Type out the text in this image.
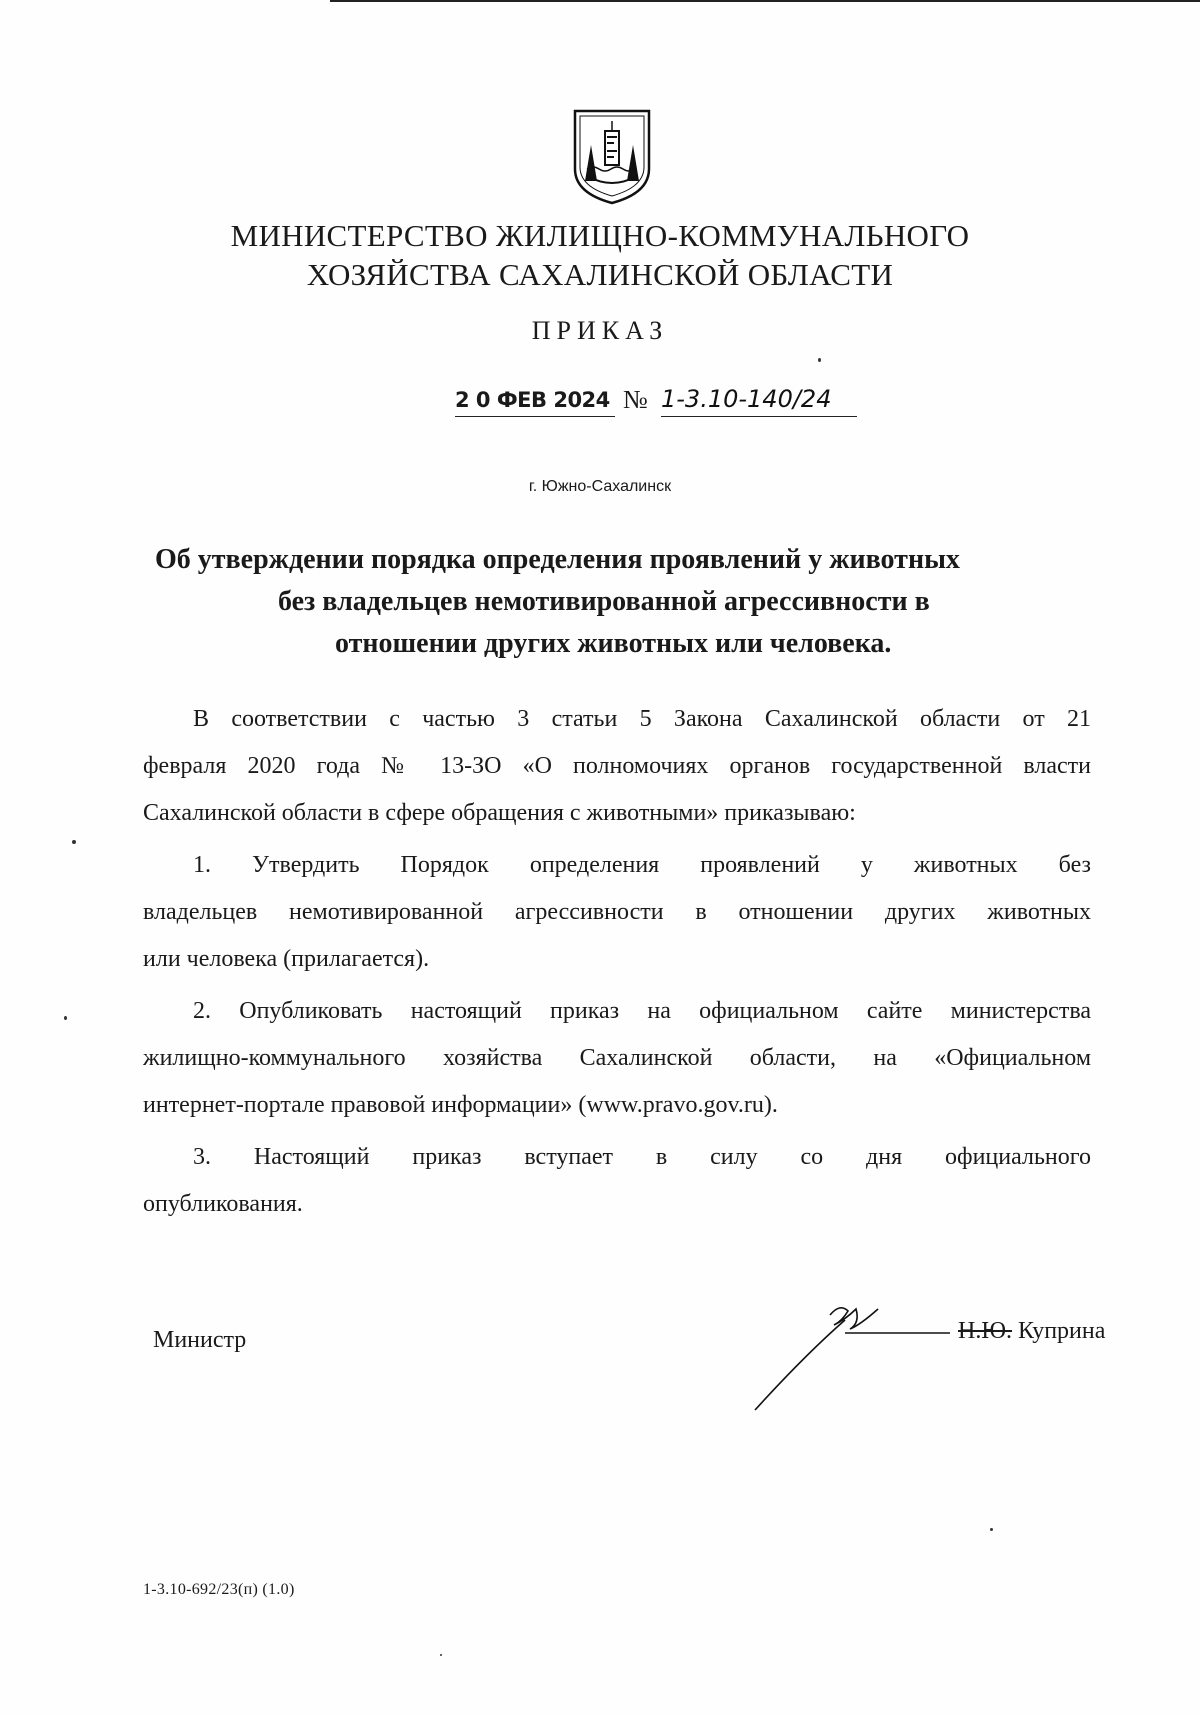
МИНИСТЕРСТВО ЖИЛИЩНО-КОММУНАЛЬНОГО
ХОЗЯЙСТВА САХАЛИНСКОЙ ОБЛАСТИ
ПРИКАЗ
2 0 ФЕВ 2024 № 1-3.10-140/24
г. Южно-Сахалинск
Об утверждении порядка определения проявлений у животных
без владельцев немотивированной агрессивности в
отношении других животных или человека.
В соответствии с частью 3 статьи 5 Закона Сахалинской области от 21
февраля 2020 года № 13-ЗО «О полномочиях органов государственной власти
Сахалинской области в сфере обращения с животными» приказываю:
1. Утвердить Порядок определения проявлений у животных без
владельцев немотивированной агрессивности в отношении других животных
или человека (прилагается).
2. Опубликовать настоящий приказ на официальном сайте министерства
жилищно-коммунального хозяйства Сахалинской области, на «Официальном
интернет-портале правовой информации» (www.pravo.gov.ru).
3. Настоящий приказ вступает в силу со дня официального
опубликования.
Министр	Н.Ю. Куприна
1-3.10-692/23(п) (1.0)
